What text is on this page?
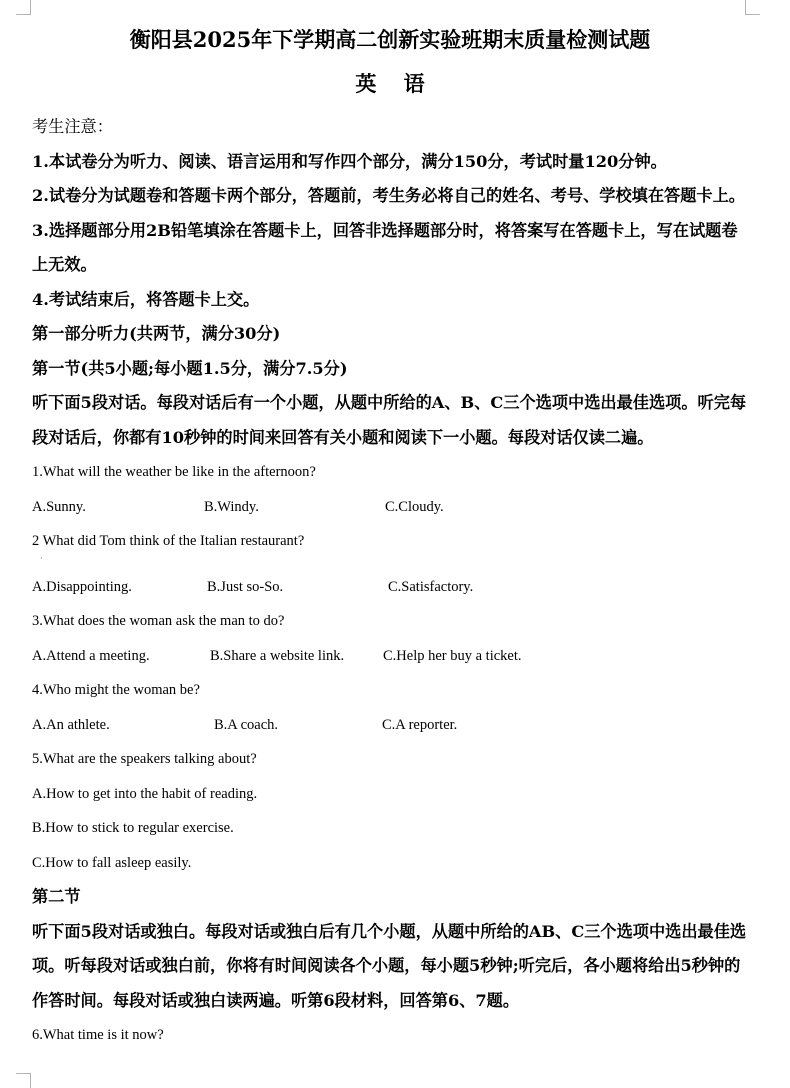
衡阳县2025年下学期高二创新实验班期末质量检测试题
英 语

考生注意：

1.本试卷分为听力、阅读、语言运用和写作四个部分，满分150分，考试时量120分钟。

2.试卷分为试题卷和答题卡两个部分，答题前，考生务必将自己的姓名、考号、学校填在答题卡上。

3.选择题部分用2B铅笔填涂在答题卡上，回答非选择题部分时，将答案写在答题卡上，写在试题卷上无效。

4.考试结束后，将答题卡上交。

第一部分听力(共两节，满分30分)

第一节(共5小题;每小题1.5分，满分7.5分)

听下面5段对话。每段对话后有一个小题，从题中所给的A、B、C三个选项中选出最佳选项。听完每段对话后，你都有10秒钟的时间来回答有关小题和阅读下一小题。每段对话仅读二遍。

1.What will the weather be like in the afternoon?

A.Sunny.	B.Windy.	C.Cloudy.

2 What did Tom think of the Italian restaurant?

·
A.Disappointing.	B.Just so-So.	C.Satisfactory.

3.What does the woman ask the man to do?

A.Attend a meeting.	B.Share a website link.	C.Help her buy a ticket.

4.Who might the woman be?

A.An athlete.	B.A coach.	C.A reporter.

5.What are the speakers talking about?

A.How to get into the habit of reading.

B.How to stick to regular exercise.

C.How to fall asleep easily.

第二节

听下面5段对话或独白。每段对话或独白后有几个小题，从题中所给的AB、C三个选项中选出最佳选项。听每段对话或独白前，你将有时间阅读各个小题，每小题5秒钟;听完后，各小题将给出5秒钟的作答时间。每段对话或独白读两遍。听第6段材料，回答第6、7题。

6.What time is it now?
